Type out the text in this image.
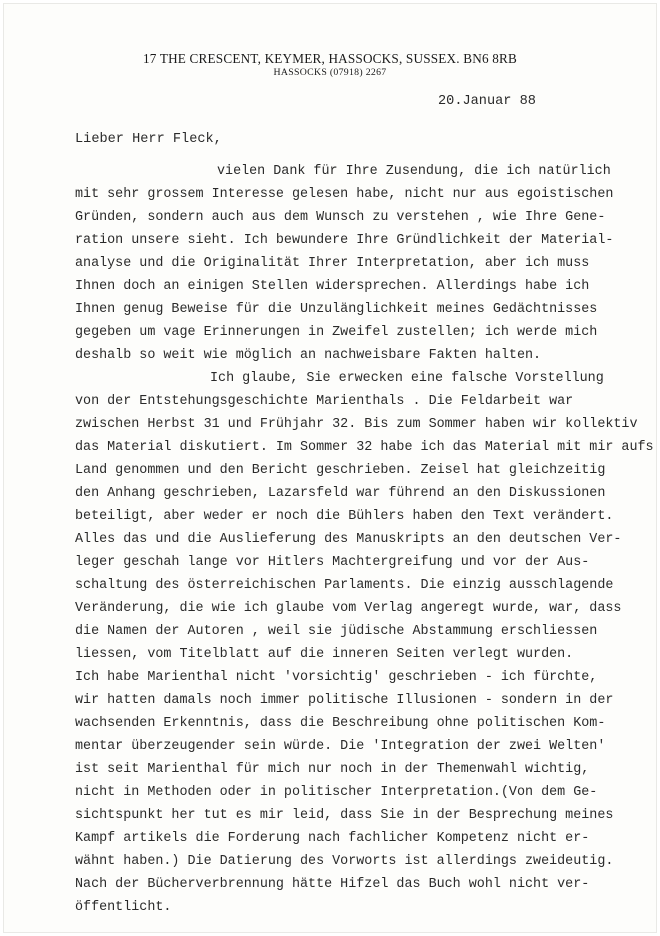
17 THE CRESCENT, KEYMER, HASSOCKS, SUSSEX. BN6 8RB
HASSOCKS (07918) 2267
20.Januar 88
Lieber Herr Fleck,
vielen Dank für Ihre Zusendung, die ich natürlich
mit sehr grossem Interesse gelesen habe, nicht nur aus egoistischen
Gründen, sondern auch aus dem Wunsch zu verstehen , wie Ihre Gene-
ration unsere sieht. Ich bewundere Ihre Gründlichkeit der Material-
analyse und die Originalität Ihrer Interpretation, aber ich muss
Ihnen doch an einigen Stellen widersprechen. Allerdings habe ich
Ihnen genug Beweise für die Unzulänglichkeit meines Gedächtnisses
gegeben um vage Erinnerungen in Zweifel zustellen; ich werde mich
deshalb so weit wie möglich an nachweisbare Fakten halten.
Ich glaube, Sie erwecken eine falsche Vorstellung
von der Entstehungsgeschichte Marienthals . Die Feldarbeit war
zwischen Herbst 31 und Frühjahr 32. Bis zum Sommer haben wir kollektiv
das Material diskutiert. Im Sommer 32 habe ich das Material mit mir aufs
Land genommen und den Bericht geschrieben. Zeisel hat gleichzeitig
den Anhang geschrieben, Lazarsfeld war führend an den Diskussionen
beteiligt, aber weder er noch die Bühlers haben den Text verändert.
Alles das und die Auslieferung des Manuskripts an den deutschen Ver-
leger geschah lange vor Hitlers Machtergreifung und vor der Aus-
schaltung des österreichischen Parlaments. Die einzig ausschlagende
Veränderung, die wie ich glaube vom Verlag angeregt wurde, war, dass
die Namen der Autoren , weil sie jüdische Abstammung erschliessen
liessen, vom Titelblatt auf die inneren Seiten verlegt wurden.
Ich habe Marienthal nicht 'vorsichtig' geschrieben - ich fürchte,
wir hatten damals noch immer politische Illusionen - sondern in der
wachsenden Erkenntnis, dass die Beschreibung ohne politischen Kom-
mentar überzeugender sein würde. Die 'Integration der zwei Welten'
ist seit Marienthal für mich nur noch in der Themenwahl wichtig,
nicht in Methoden oder in politischer Interpretation.(Von dem Ge-
sichtspunkt her tut es mir leid, dass Sie in der Besprechung meines
Kampf artikels die Forderung nach fachlicher Kompetenz nicht er-
wähnt haben.) Die Datierung des Vorworts ist allerdings zweideutig.
Nach der Bücherverbrennung hätte Hifzel das Buch wohl nicht ver-
öffentlicht.
